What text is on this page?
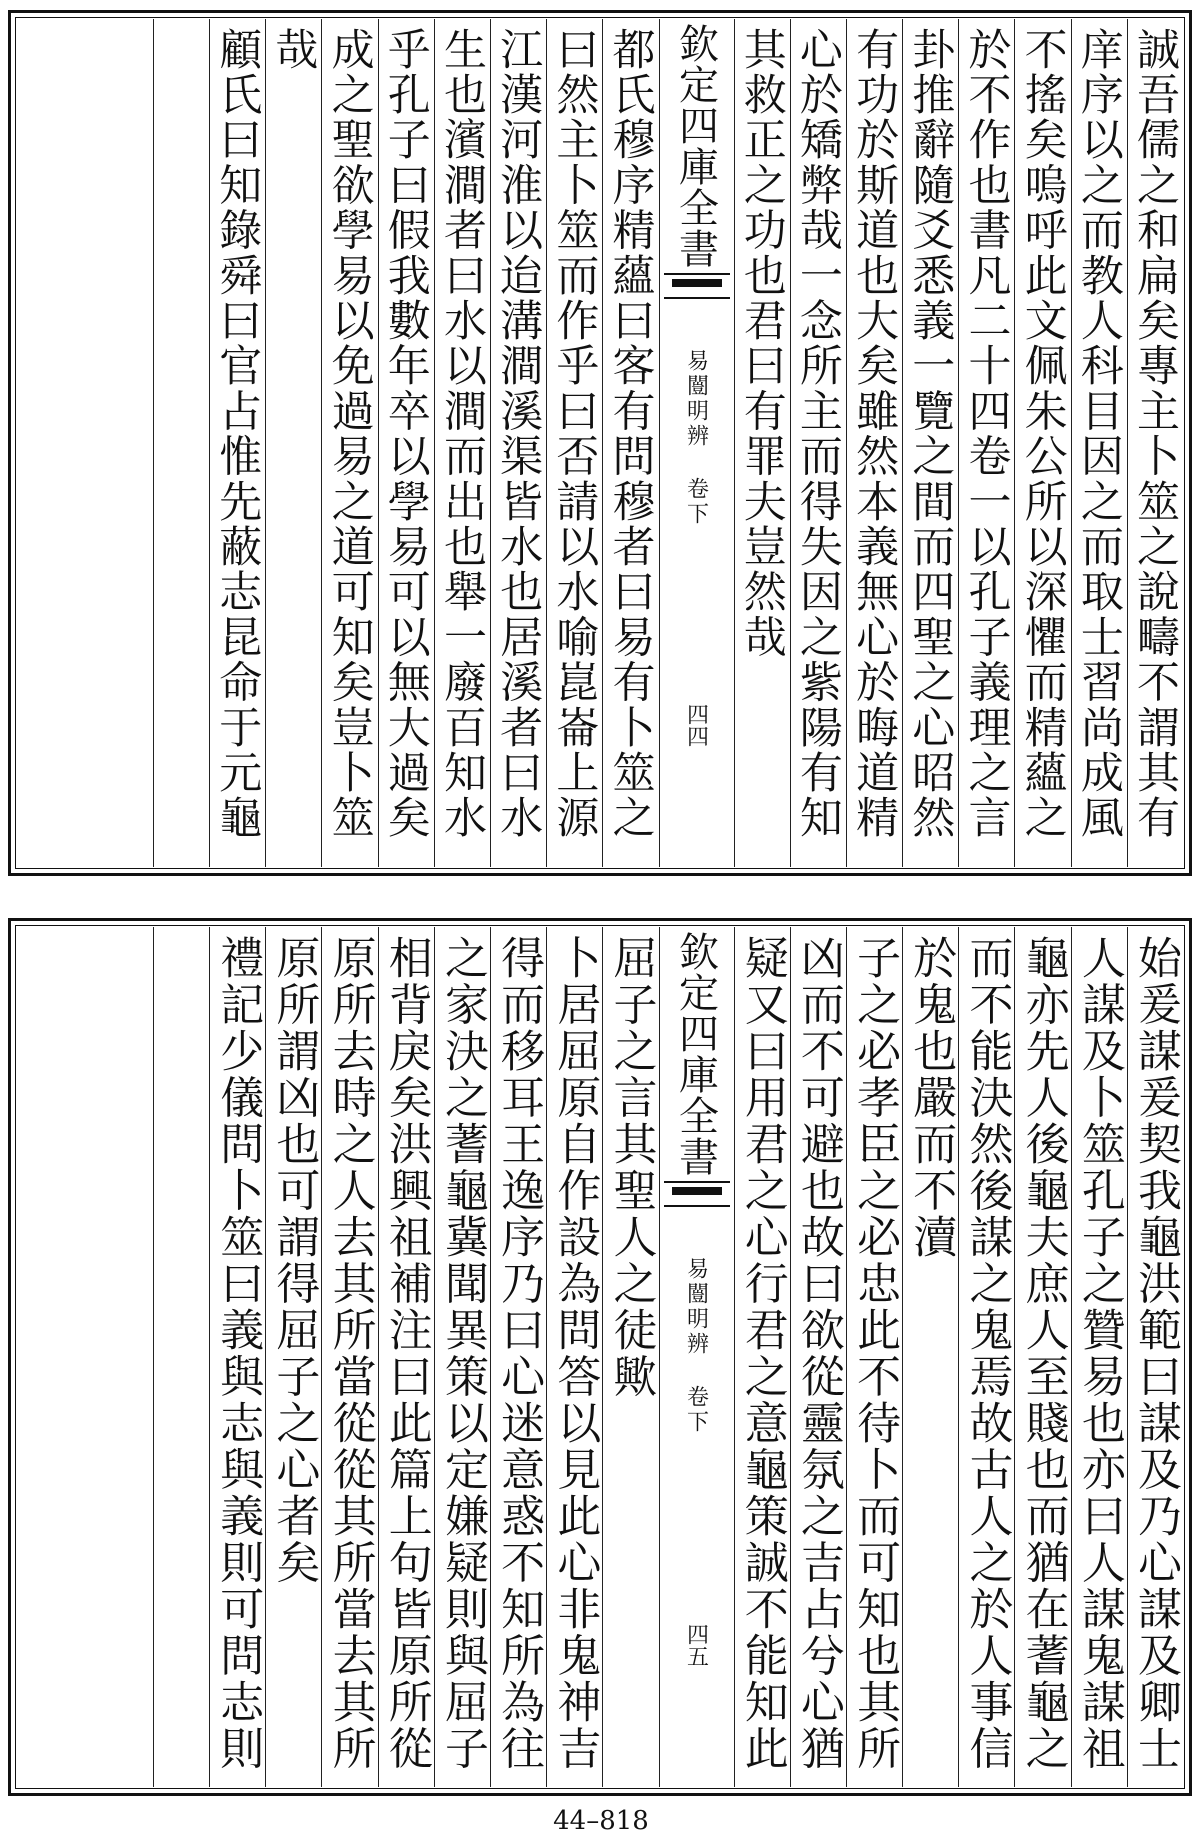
誠吾儒之和扁矣專主卜筮之說疇不謂其有
庠序以之而教人科目因之而取士習尚成風
不搖矣嗚呼此文佩朱公所以深懼而精蘊之
於不作也書凡二十四卷一以孔子義理之言
卦推辭隨爻悉義一覽之間而四聖之心昭然
有功於斯道也大矣雖然本義無心於晦道精
心於矯弊哉一念所主而得失因之紫陽有知
其救正之功也君曰有罪夫豈然哉
欽定四庫全書
易闓明辨 卷下
四四
都氏穆序精蘊曰客有問穆者曰易有卜筮之
曰然主卜筮而作乎曰否請以水喻崑崙上源
江漢河淮以迨溝澗溪渠皆水也居溪者曰水
生也濱澗者曰水以澗而出也舉一廢百知水
乎孔子曰假我數年卒以學易可以無大過矣
成之聖欲學易以免過易之道可知矣豈卜筮
哉
顧氏曰知錄舜曰官占惟先蔽志昆命于元龜
始爰謀爰契我龜洪範曰謀及乃心謀及卿士
人謀及卜筮孔子之贊易也亦曰人謀鬼謀祖
龜亦先人後龜夫庶人至賤也而猶在蓍龜之
而不能決然後謀之鬼焉故古人之於人事信
於鬼也嚴而不瀆
子之必孝臣之必忠此不待卜而可知也其所
凶而不可避也故曰欲從靈氛之吉占兮心猶
疑又曰用君之心行君之意龜策誠不能知此
欽定四庫全書
易闓明辨 卷下
四五
屈子之言其聖人之徒歟
卜居屈原自作設為問答以見此心非鬼神吉
得而移耳王逸序乃曰心迷意惑不知所為往
之家決之蓍龜冀聞異策以定嫌疑則與屈子
相背戾矣洪興祖補注曰此篇上句皆原所從
原所去時之人去其所當從從其所當去其所
原所謂凶也可謂得屈子之心者矣
禮記少儀問卜筮曰義與志與義則可問志則
44–818
